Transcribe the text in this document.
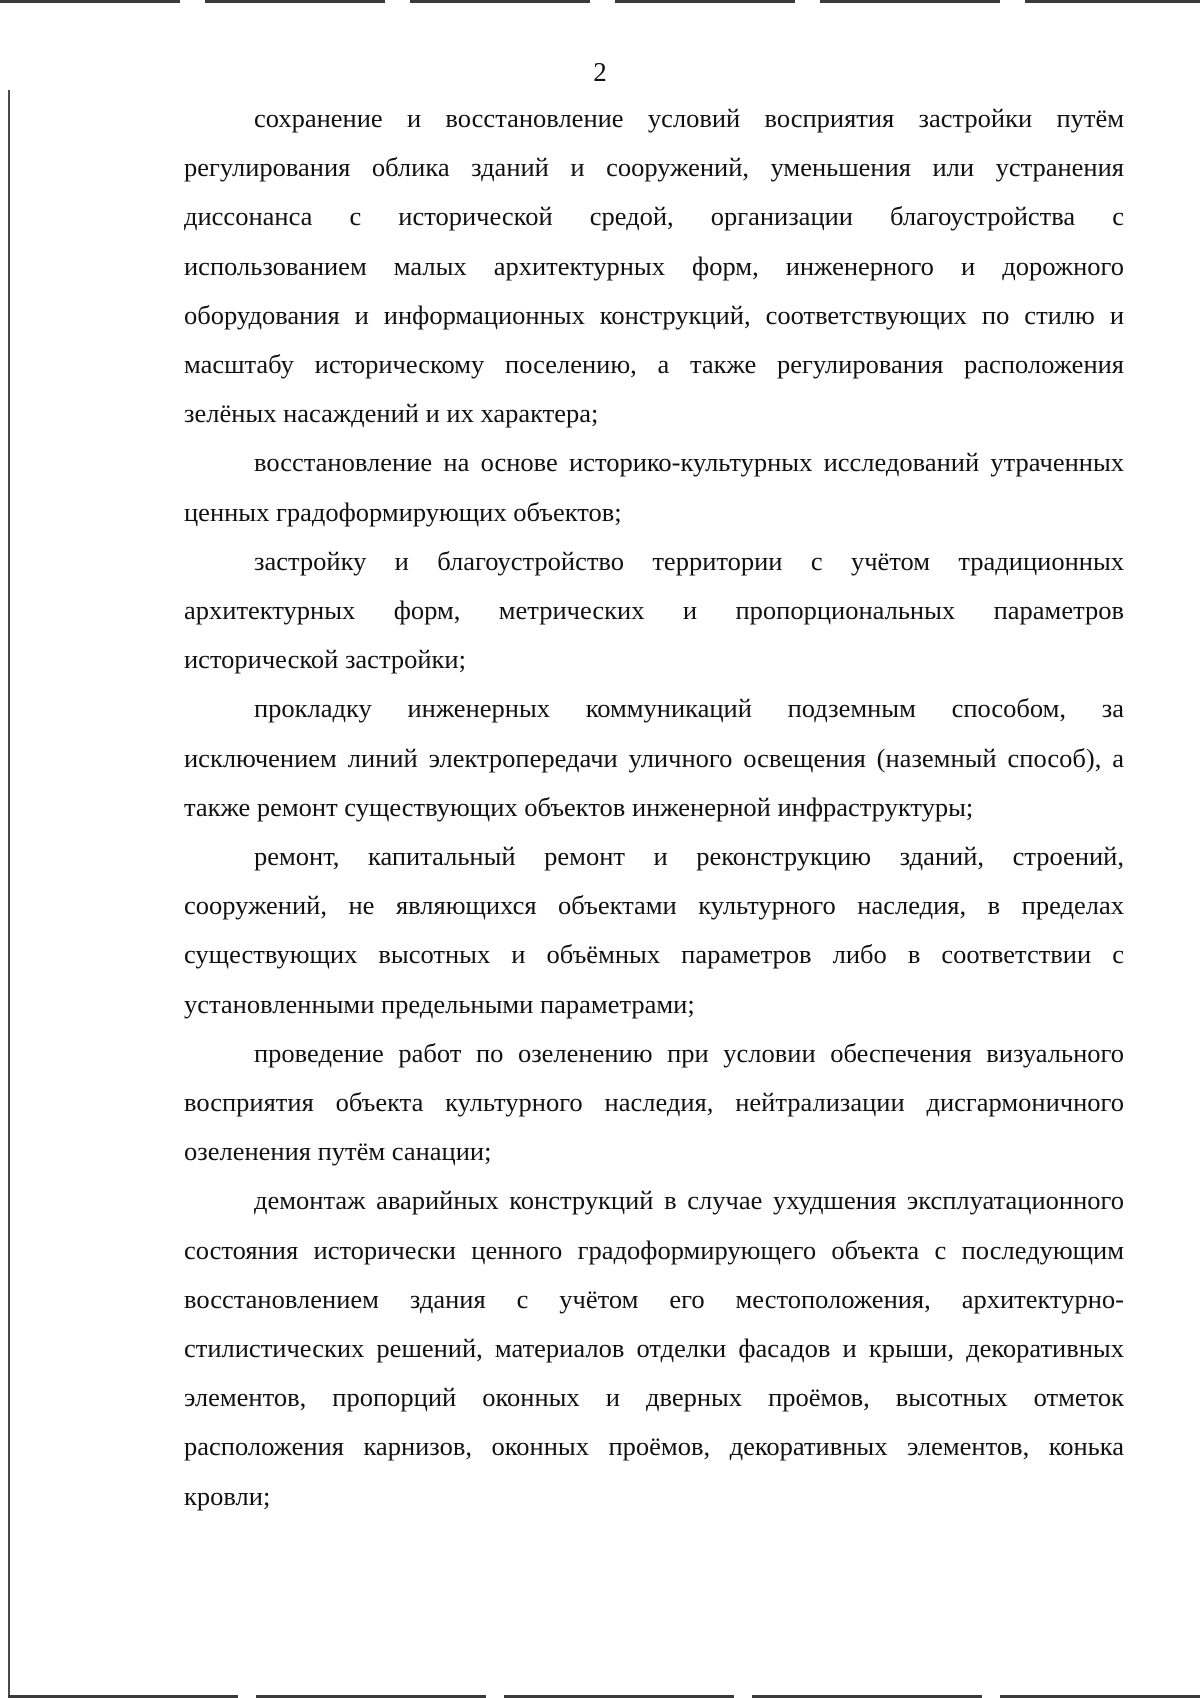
2

сохранение и восстановление условий восприятия застройки путём регулирования облика зданий и сооружений, уменьшения или устранения диссонанса с исторической средой, организации благоустройства с использованием малых архитектурных форм, инженерного и дорожного оборудования и информационных конструкций, соответствующих по стилю и масштабу историческому поселению, а также регулирования расположения зелёных насаждений и их характера;

восстановление на основе историко-культурных исследований утраченных ценных градоформирующих объектов;

застройку и благоустройство территории с учётом традиционных архитектурных форм, метрических и пропорциональных параметров исторической застройки;

прокладку инженерных коммуникаций подземным способом, за исключением линий электропередачи уличного освещения (наземный способ), а также ремонт существующих объектов инженерной инфраструктуры;

ремонт, капитальный ремонт и реконструкцию зданий, строений, сооружений, не являющихся объектами культурного наследия, в пределах существующих высотных и объёмных параметров либо в соответствии с установленными предельными параметрами;

проведение работ по озеленению при условии обеспечения визуального восприятия объекта культурного наследия, нейтрализации дисгармоничного озеленения путём санации;

демонтаж аварийных конструкций в случае ухудшения эксплуатационного состояния исторически ценного градоформирующего объекта с последующим восстановлением здания с учётом его местоположения, архитектурно-стилистических решений, материалов отделки фасадов и крыши, декоративных элементов, пропорций оконных и дверных проёмов, высотных отметок расположения карнизов, оконных проёмов, декоративных элементов, конька кровли;
